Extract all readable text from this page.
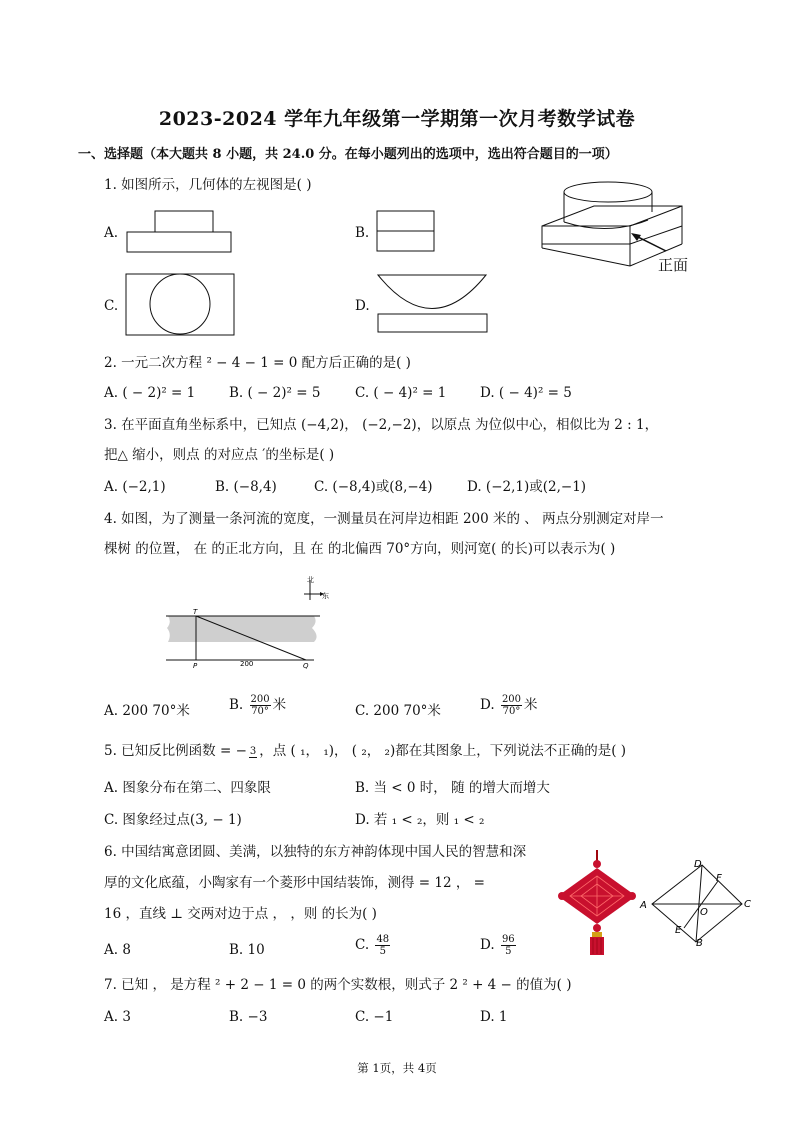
2023-2024 学年九年级第一学期第一次月考数学试卷
一、选择题（本大题共 8 小题，共 24.0 分。在每小题列出的选项中，选出符合题目的一项）
1. 如图所示，几何体的左视图是( )
A.	B.
正面
C.	D.
2. 一元二次方程 ² − 4 − 1 = 0 配方后正确的是( )
A. ( − 2)² = 1	B. ( − 2)² = 5	C. ( − 4)² = 1 D. ( − 4)² = 5
3. 在平面直角坐标系中，已知点 (−4,2)， (−2,−2)，以原点 为位似中心，相似比为 2 : 1，
把△ 缩小，则点 的对应点 ′的坐标是( )
A. (−2,1)	B. (−8,4)	C. (−8,4)或(8,−4)	D. (−2,1)或(2,−1)
4. 如图，为了测量一条河流的宽度，一测量员在河岸边相距 200 米的 、 两点分别测定对岸一
棵树 的位置， 在 的正北方向，且 在 的北偏西 70°方向，则河宽( 的长)可以表示为( )
北
东
T
P	Q
200
A. 200 70°米	B. $\frac{200}{70^\circ}$ 米	C. 200 70°米	D. $\frac{200}{70^\circ}$ 米
5. 已知反比例函数 = − 3 ，点 ( ₁， ₁)， ( ₂， ₂)都在其图象上，下列说法不正确的是( )
A. 图象分布在第二、四象限	B. 当 < 0 时， 随 的增大而增大
C. 图象经过点(3, − 1)	D. 若 ₁ < ₂，则 ₁ < ₂
6. 中国结寓意团圆、美满，以独特的东方神韵体现中国人民的智慧和深
厚的文化底蕴，小陶家有一个菱形中国结装饰，测得 = 12 ， =
16 ，直线 ⊥ 交两对边于点 ， ，则 的长为( )
D
C
A
B
F
E
O
A. 8	B. 10	C. $\frac{48}{5}$	D. $\frac{96}{5}$
7. 已知 ， 是方程 ² + 2 − 1 = 0 的两个实数根，则式子 2 ² + 4 − 的值为( )
A. 3	B. −3	C. −1	D. 1
第 1页，共 4页
